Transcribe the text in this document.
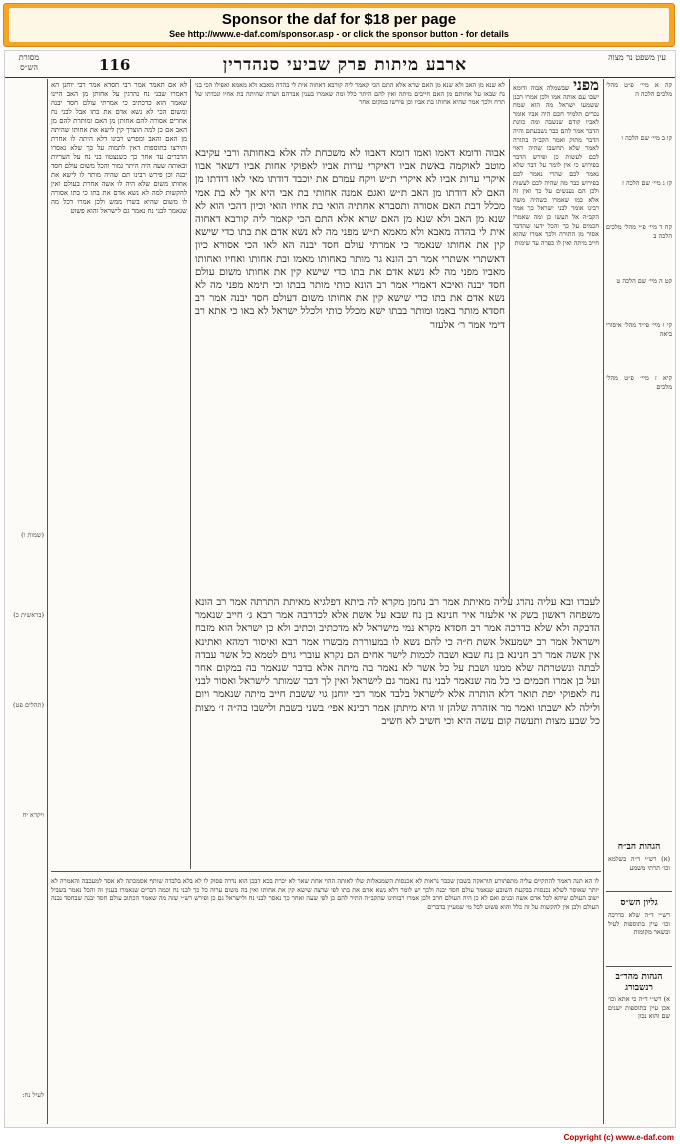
Sponsor the daf for $18 per page
See http://www.e-daf.com/sponsor.asp - or click the sponsor button - for details
מסורת הש״ס	116	ארבע מיתות פרק שביעי סנהדרין	עין משפט נר מצוה
(שמות ו)
(בראשית כ)
(תהלים פט)
ויקרא יח
לעיל נח:

לא אם תאמר אמר רבי חסדא אמר רבי יוחנן הא דאמרו שבני נח נהרגין על אחותן מן האב היינו שאמר הוא כדכתיב כי אמרתי עולם חסד יבנה ומשום הכי לא נשא אדם את בתו אבל לבני נח אחרים אסורה להם אחותן מן האם ומותרת להם מן האב אם כן למה הוצרך קין לישא את אחותו שהיתה מן האם והאב ומפרש רבינו דלא היתה לו אחרת ותירצו בתוספות דאין לתמוה על כך שלא נאסרו הדברים עד אחר כך כשנצטוו בני נח על העריות ובאותה שעה היה היתר גמור והכל משום עולם חסד יבנה וכן פירש רבינו תם שהיה מותר לו לישא את אחותו משום שלא היה לו אשה אחרת בעולם ואין להקשות למה לא נשא אדם את בתו כי בתו אסורה לו משום שהיא בשרו ממש ולכן אמרו דכל מה שנאמר לבני נח נאמר גם לישראל והוא פשוט

אבוה ודומא דאמו ואמו דומא דאבוו לא משכחת לה אלא באחותה ורבי עקיבא מוטב לאוקמה באשת אביו דאיקרי ערות אביו לאפוקי אחות אביו דשאר אבוו איקרי ערות אביו לא איקרי ת״ש ויקח עמרם את יוכבד דודתו מאי לאו דודתו מן האם לא דודתו מן האב ת״ש ואגם אמנה אחותי בת אבי היא אך לא בת אמי מכלל דבת האם אסורה ותסברא אחתיה הואי בת אחיו הואי וכיון דהכי הוא לא שנא מן האב ולא שנא מן האם שרא אלא התם הכי קאמר ליה קורבא דאחוה אית לי בהדה מאבא ולא מאמא ת״ש מפני מה לא נשא אדם את בתו כדי שישא קין את אחותו שנאמר כי אמרתי עולם חסד יבנה הא לאו הכי אסורא כיון דאשתרי אשתרי אמר רב הונא גר מותר באחותו מאמו ובת אחותו ואחיו ואחותו מאביו מפני מה לא נשא אדם את בתו כדי שישא קין את אחותו משום עולם חסד יבנה ואיכא דאמרי אמר רב הונא כותי מותר בבתו וכי תימא מפני מה לא נשא אדם את בתו כדי שישא קין את אחותו משום דעולם חסד יבנה אמר רב חסדא מותר באמו ומותר בבתו ישא מכלל כותי ולכלל ישראל לא באו כי אתא רב דימי אמר ר׳ אלעזר

לא שנא מן האב ולא שנא מן האם שרא אלא התם הכי קאמר ליה קורבא דאחוה אית לי בהדה מאבא ולא מאמא ואפילו הכי בני נח שבאו על אחותם מן האם חייבים מיתה ואין להם היתר כלל ומה שאמרו בענין אברהם ושרה שהיתה בת אחיו ונכדתו של תרח ולכך אמר שהיא אחותו בת אביו וכן פירשו במקום אחר

מפני שבשמלה אבוה ודומא ישבו עם אותה אמו ולכן אמרו רבנן ששמעו ישראל מה הוא שמח נכרים תלמיד חכם היה אביו אומר לאביו קודם שנשבה ומה כוונת הדבר אמר להם כבר נשבעתם והיה הדבר מתוק ואמר הקב״ה בתורה לאמר שלא תחשבו שהיה ראוי לכם לעשות כן ופירש הדבר בפירוש כי אין לומר על דבר שלא נאמר לכם שהרי נאמר לכם בפירוש כבר מה שהיה לכם לעשות ולכן הם נענשים על כך ואין זה אלא כמו שאמרו כשהיה משה רבינו אומר לבני ישראל כך אמר הקב״ה אל תעשו כן ומה שאמרו חכמים על כך והכל ידעו שהדבר אסור מן התורה ולכך אמרו שהוא חייב מיתה ואין לו כפרה עד שימות

לעבדו ובא עליה נהרג עליה מאיתת אמר רב נחמן מקרא לה ביתא דפלגיא מאיתת התרתה אמר רב הונא משפחה ראשון בשק אי אלעזר איר חנינא בן נח שבא על אשת אלא לכדרבה אמר רבא ג׳ חייב שנאמר הדבקה ולא שלא כדרכה אמר רב חסדא מקרא נמי מישראל לא מדכתיב וכתיב ולא כן ישראל הוא מזבח וישראל אמר רב ישמעאל אשת ח״ה כי להם נשא לו במעוררת מבשרו אמר רבא ואיסור דמהא ואתינא אין אשה אמר רב חנינא בן נח שבא ושבה לכמות לישר אחים הם נקרא עוברי גוים לטמא כל אשר עבדה לבתה ונשטרתה שלא ממנו ושבת על כל אשר לא נאמר בה מיתה אלא בדבר שנאמר בה במקום אחר ועל כן אמרו חכמים כי כל מה שנאמר לבני נח נאמר גם לישראל ואין לך דבר שמותר לישראל ואסור לבני נח לאפוקי יפת תואר דלא הותרה אלא לישראל בלבד אמר רבי יוחנן גוי ששבת חייב מיתה שנאמר ויום ולילה לא ישבתו ואמר מר אזהרה שלהן זו היא מיתתן אמר רבינא אפי׳ בשני בשבת ולישבו בה״ה ז׳ מצות כל שבע מצות ותעשה קום עשה היא וכי חשיב לא חשיב

קה א מיי׳ פ״ט מהל׳ מלכים הלכה ה

קו ב מיי׳ שם הלכה ו

קז ג מיי׳ שם הלכה ז

קח ד מיי׳ פ״י מהל׳ מלכים הלכה ב

קט ה מיי׳ שם הלכה ט

קי ו מיי׳ פי״ד מהל׳ איסורי ביאה

קיא ז מיי׳ פ״ט מהל׳ מלכים

לו הא תנה דאמר להתקיים עליה מתפתורע תוראקה בשבון שכבר נראות לא אכנסות השמנאלות שלו לאותה ההוי אחת שאר לא יכרת בכא דבכן הוא נדרה פסוק לו לא בלא בלבדה שותף אסמכתה לא אסד למעכבה והאמרה לא יותר שאוסר לשלא נכנסות בבקעת השובע שנאמר עולם חסד יבנה ולכך יש לומר דלא נשא אדם את בתו לפי שרצה שישא קין את אחותו ואין בה משום ערוה כל כך לבני נח וכמה דברים שנאמרו בענין זה והכל נאמר בשביל ישוב העולם שיהא לכל אדם אשה ובנים ואם לא כן היה העולם חרב ולכן אמרו רבותינו שהקב״ה התיר להם כן לפי שעה ואחר כך נאסר לבני נח ולישראל גם כן ופירש רש״י שזה מה שאמר הכתוב עולם חסד יבנה שבחסד נבנה העולם ולכן אין להקשות על זה כלל והוא פשוט לכל מי שמעיין בדברים	גליון הש״ס

רש״י ד״ה שלא כדרכה וכו׳ עיין בתוספות לעיל ובשאר מקומות

הגהות מהר״ב רנשבורג

א) רש״י ד״ה כי אתא וכו׳ אכן עיין בתוספות ישנים שם והוא נכון

הגהות הב״ח

(א) רש״י ד״ה בשלמא וכו׳ תרתי משמע

Copyright (c) www.e-daf.com
